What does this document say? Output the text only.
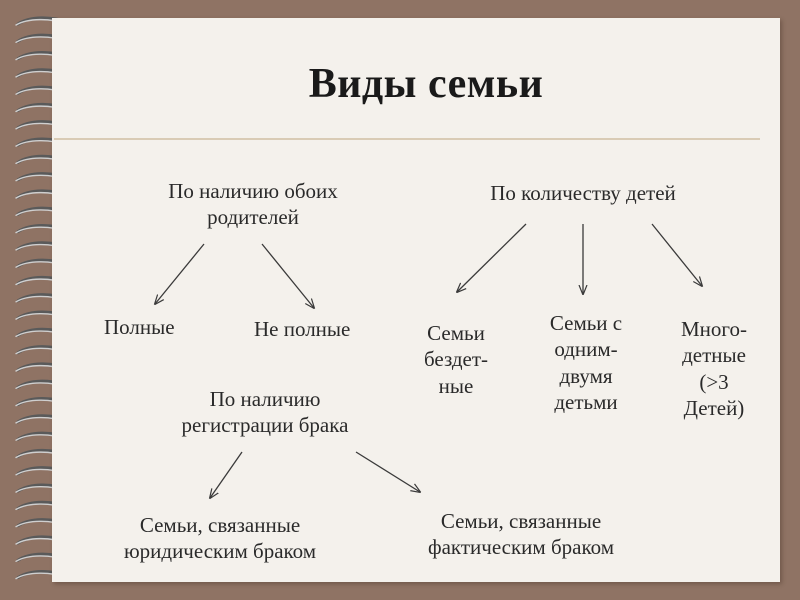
Виды семьи
По наличию обоих
родителей
Полные	Не полные
По количеству детей
Семьи
бездет-
ные
Семьи с
одним-
двумя
детьми
Много-
детные
(>3
Детей)
По наличию
регистрации брака
Семьи, связанные
юридическим браком
Семьи, связанные
фактическим браком
